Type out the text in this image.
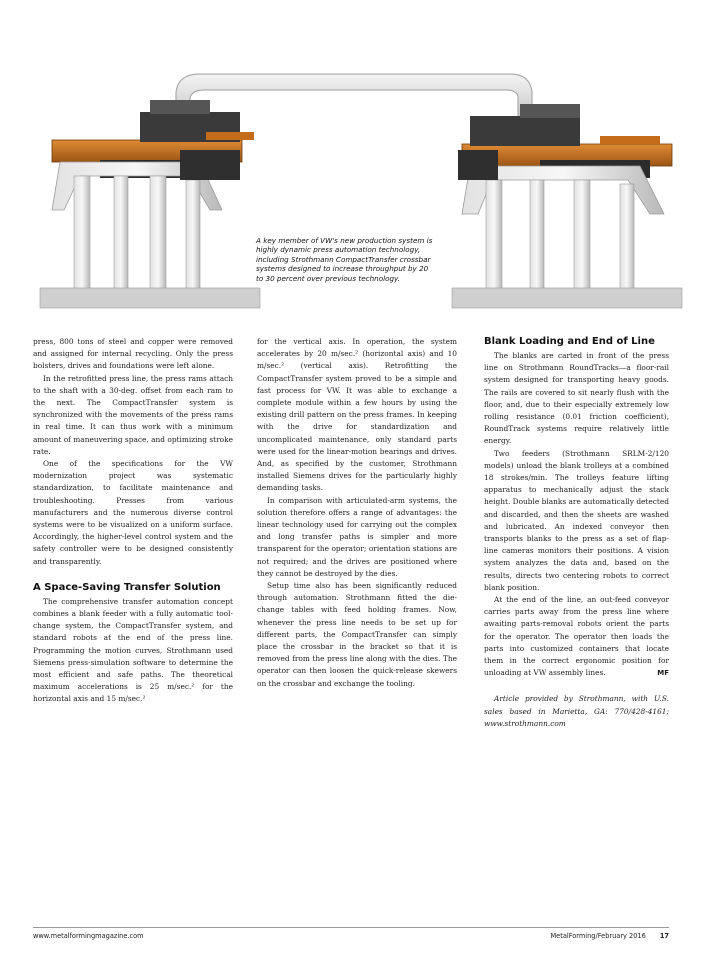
A key member of VW's new production system is highly dynamic press automation technology, including Strothmann CompactTransfer crossbar systems designed to increase throughput by 20 to 30 percent over previous technology.

press, 800 tons of steel and copper were removed and assigned for internal recycling. Only the press bolsters, drives and foundations were left alone.

In the retrofitted press line, the press rams attach to the shaft with a 30-deg. offset from each ram to the next. The CompactTransfer system is synchronized with the movements of the press rams in real time. It can thus work with a minimum amount of maneuvering space, and optimizing stroke rate.

One of the specifications for the VW modernization project was systematic standardization, to facilitate maintenance and troubleshooting. Presses from various manufacturers and the numerous diverse control systems were to be visualized on a uniform surface. Accordingly, the higher-level control system and the safety controller were to be designed consistently and transparently.

A Space-Saving Transfer Solution

The comprehensive transfer automation concept combines a blank feeder with a fully automatic tool-change system, the CompactTransfer system, and standard robots at the end of the press line. Programming the motion curves, Strothmann used Siemens press-simulation software to determine the most efficient and safe paths. The theoretical maximum accelerations is 25 m/sec.² for the horizontal axis and 15 m/sec.²

for the vertical axis. In operation, the system accelerates by 20 m/sec.² (horizontal axis) and 10 m/sec.² (vertical axis). Retrofitting the CompactTransfer system proved to be a simple and fast process for VW. It was able to exchange a complete module within a few hours by using the existing drill pattern on the press frames. In keeping with the drive for standardization and uncomplicated maintenance, only standard parts were used for the linear-motion bearings and drives. And, as specified by the customer, Strothmann installed Siemens drives for the particularly highly demanding tasks.

In comparison with articulated-arm systems, the solution therefore offers a range of advantages: the linear technology used for carrying out the complex and long transfer paths is simpler and more transparent for the operator; orientation stations are not required; and the drives are positioned where they cannot be destroyed by the dies.

Setup time also has been significantly reduced through automation. Strothmann fitted the die-change tables with feed holding frames. Now, whenever the press line needs to be set up for different parts, the CompactTransfer can simply place the crossbar in the bracket so that it is removed from the press line along with the dies. The operator can then loosen the quick-release skewers on the crossbar and exchange the tooling.

Blank Loading and End of Line

The blanks are carted in front of the press line on Strothmann RoundTracks—a floor-rail system designed for transporting heavy goods. The rails are covered to sit nearly flush with the floor, and, due to their especially extremely low rolling resistance (0.01 friction coefficient), RoundTrack systems require relatively little energy.

Two feeders (Strothmann SRLM-2/120 models) unload the blank trolleys at a combined 18 strokes/min. The trolleys feature lifting apparatus to mechanically adjust the stack height. Double blanks are automatically detected and discarded, and then the sheets are washed and lubricated. An indexed conveyor then transports blanks to the press as a set of flap-line cameras monitors their positions. A vision system analyzes the data and, based on the results, directs two centering robots to correct blank position.

At the end of the line, an out-feed conveyor carries parts away from the press line where awaiting parts-removal robots orient the parts for the operator. The operator then loads the parts into customized containers that locate them in the correct ergonomic position for unloading at VW assembly lines.	MF

Article provided by Strothmann, with U.S. sales based in Marietta, GA: 770/428-4161; www.strothmann.com

www.metalformingmagazine.com	MetalForming/February 2016 17
